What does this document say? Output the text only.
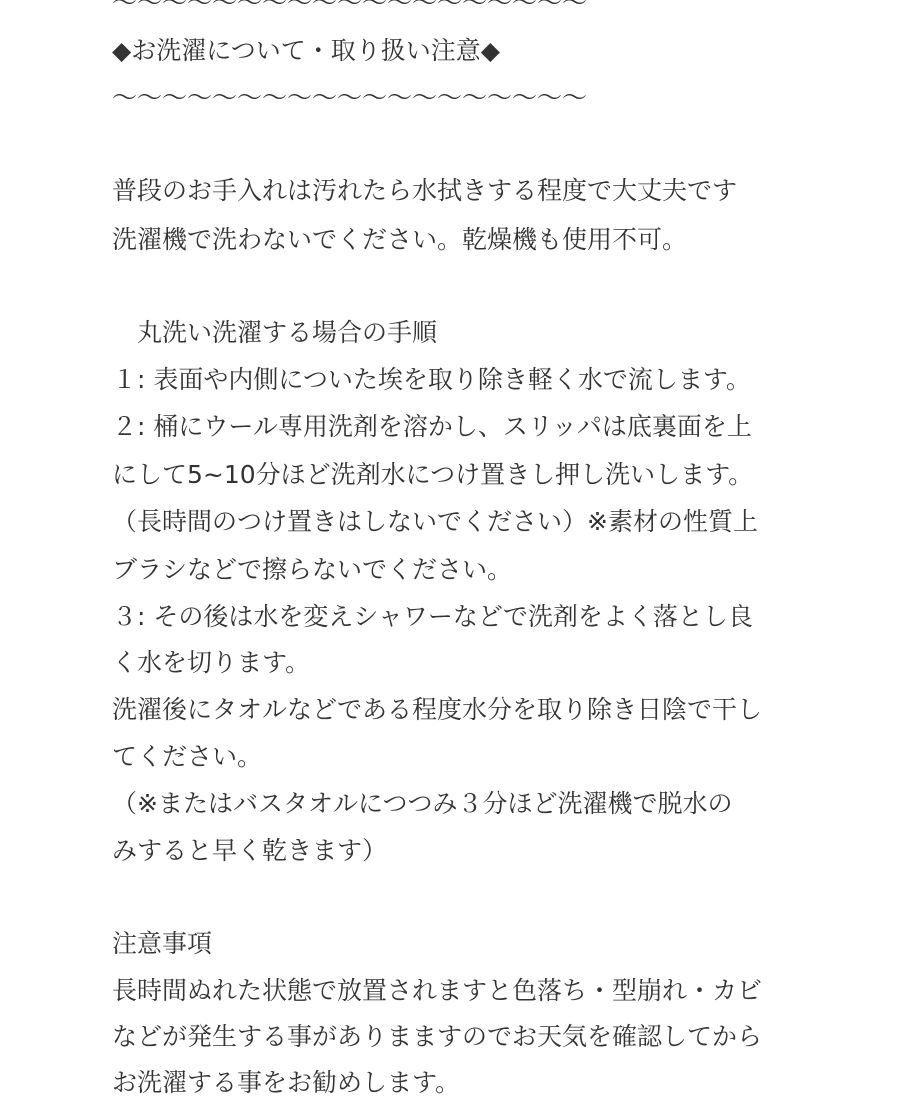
〜〜〜〜〜〜〜〜〜〜〜〜〜〜〜〜〜〜〜
◆お洗濯について・取り扱い注意◆
〜〜〜〜〜〜〜〜〜〜〜〜〜〜〜〜〜〜〜
普段のお手入れは汚れたら水拭きする程度で大丈夫です
洗濯機で洗わないでください。乾燥機も使用不可。
　丸洗い洗濯する場合の手順
１: 表面や内側についた埃を取り除き軽く水で流します。
２: 桶にウール専用洗剤を溶かし、スリッパは底裏面を上
にして5~10分ほど洗剤水につけ置きし押し洗いします。
（長時間のつけ置きはしないでください）※素材の性質上
ブラシなどで擦らないでください。
３: その後は水を変えシャワーなどで洗剤をよく落とし良
く水を切ります。
洗濯後にタオルなどである程度水分を取り除き日陰で干し
てください。
（※またはバスタオルにつつみ３分ほど洗濯機で脱水の
みすると早く乾きます）
注意事項
長時間ぬれた状態で放置されますと色落ち・型崩れ・カビ
などが発生する事がありまますのでお天気を確認してから
お洗濯する事をお勧めします。
